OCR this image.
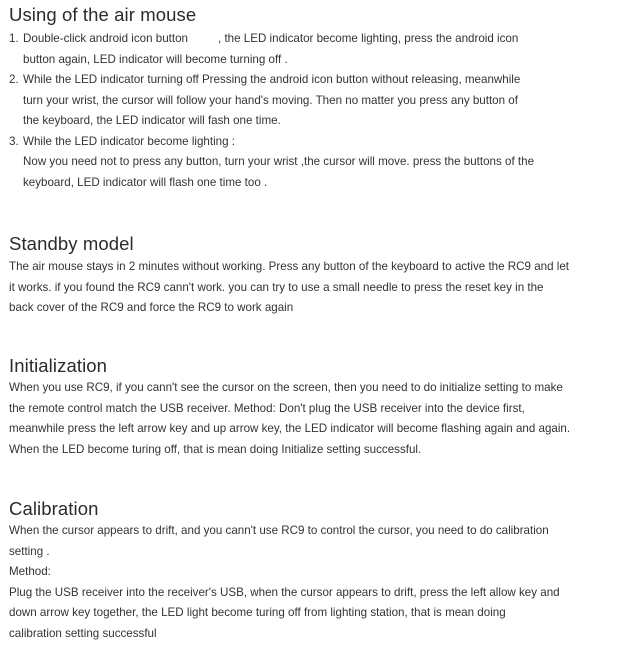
Using of the air mouse
1. Double-click android icon button	, the LED indicator become lighting, press the android icon
button again, LED indicator will become turning off .
2. While the LED indicator turning off Pressing the android icon button without releasing, meanwhile
turn your wrist, the cursor will follow your hand's moving. Then no matter you press any button of
the keyboard, the LED indicator will fash one time.
3. While the LED indicator become lighting :
Now you need not to press any button, turn your wrist ,the cursor will move. press the buttons of the
keyboard, LED indicator will flash one time too .
Standby model
The air mouse stays in 2 minutes without working. Press any button of the keyboard to active the RC9 and let
it works. if you found the RC9 cann't work. you can try to use a small needle to press the reset key in the
back cover of the RC9 and force the RC9 to work again
Initialization
When you use RC9, if you cann't see the cursor on the screen, then you need to do initialize setting to make
the remote control match the USB receiver. Method: Don't plug the USB receiver into the device first,
meanwhile press the left arrow key and up arrow key, the LED indicator will become flashing again and again.
When the LED become turing off, that is mean doing Initialize setting successful.
Calibration
When the cursor appears to drift, and you cann't use RC9 to control the cursor, you need to do calibration
setting .
Method:
Plug the USB receiver into the receiver's USB, when the cursor appears to drift, press the left allow key and
down arrow key together, the LED light become turing off from lighting station, that is mean doing
calibration setting successful
